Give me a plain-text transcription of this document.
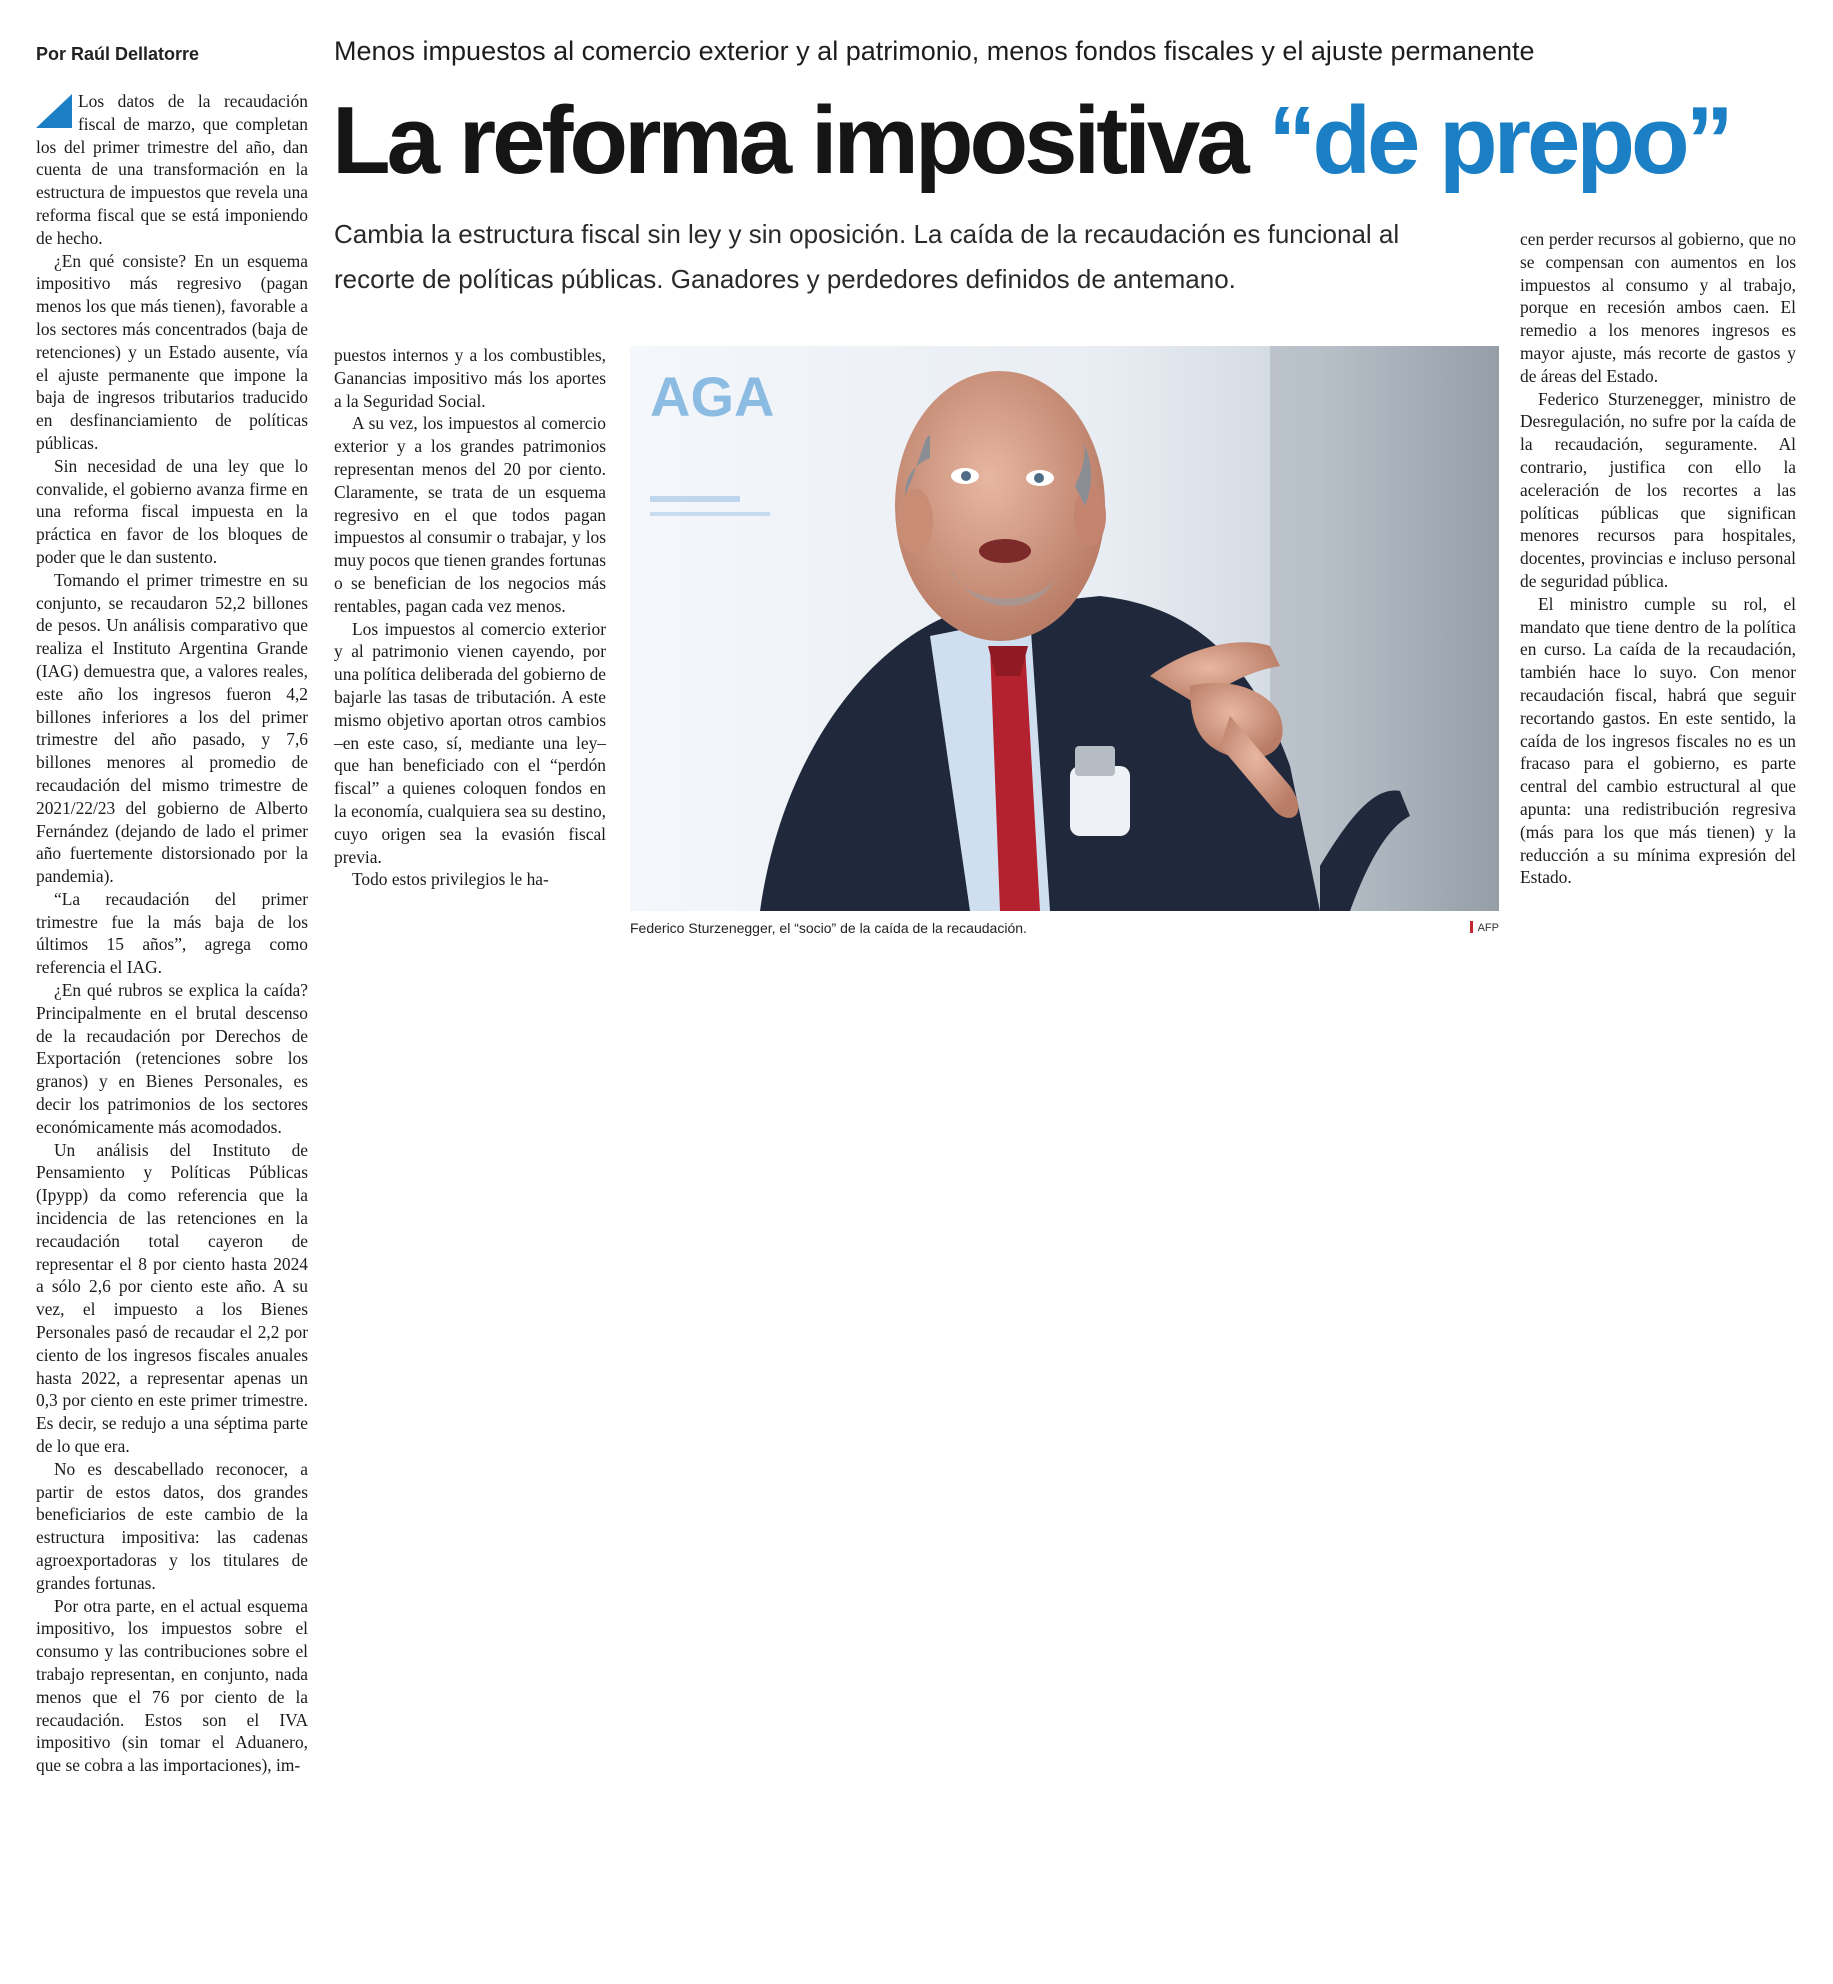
Por Raúl Dellatorre	Menos impuestos al comercio exterior y al patrimonio, menos fondos fiscales y el ajuste permanente
La reforma impositiva “de prepo”
Cambia la estructura fiscal sin ley y sin oposición. La caída de la recaudación es funcional al recorte de políticas públicas. Ganadores y perdedores definidos de antemano.

Los datos de la recaudación fiscal de marzo, que completan los del primer trimestre del año, dan cuenta de una transformación en la estructura de impuestos que revela una reforma fiscal que se está imponiendo de hecho.

¿En qué consiste? En un esquema impositivo más regresivo (pagan menos los que más tienen), favorable a los sectores más concentrados (baja de retenciones) y un Estado ausente, vía el ajuste permanente que impone la baja de ingresos tributarios traducido en desfinanciamiento de políticas públicas.

Sin necesidad de una ley que lo convalide, el gobierno avanza firme en una reforma fiscal impuesta en la práctica en favor de los bloques de poder que le dan sustento.

Tomando el primer trimestre en su conjunto, se recaudaron 52,2 billones de pesos. Un análisis comparativo que realiza el Instituto Argentina Grande (IAG) demuestra que, a valores reales, este año los ingresos fueron 4,2 billones inferiores a los del primer trimestre del año pasado, y 7,6 billones menores al promedio de recaudación del mismo trimestre de 2021/22/23 del gobierno de Alberto Fernández (dejando de lado el primer año fuertemente distorsionado por la pandemia).

“La recaudación del primer trimestre fue la más baja de los últimos 15 años”, agrega como referencia el IAG.

¿En qué rubros se explica la caída? Principalmente en el brutal descenso de la recaudación por Derechos de Exportación (retenciones sobre los granos) y en Bienes Personales, es decir los patrimonios de los sectores económicamente más acomodados.

Un análisis del Instituto de Pensamiento y Políticas Públicas (Ipypp) da como referencia que la incidencia de las retenciones en la recaudación total cayeron de representar el 8 por ciento hasta 2024 a sólo 2,6 por ciento este año. A su vez, el impuesto a los Bienes Personales pasó de recaudar el 2,2 por ciento de los ingresos fiscales anuales hasta 2022, a representar apenas un 0,3 por ciento en este primer trimestre. Es decir, se redujo a una séptima parte de lo que era.

No es descabellado reconocer, a partir de estos datos, dos grandes beneficiarios de este cambio de la estructura impositiva: las cadenas agroexportadoras y los titulares de grandes fortunas.

Por otra parte, en el actual esquema impositivo, los impuestos sobre el consumo y las contribuciones sobre el trabajo representan, en conjunto, nada menos que el 76 por ciento de la recaudación. Estos son el IVA impositivo (sin tomar el Aduanero, que se cobra a las importaciones), im-

puestos internos y a los combustibles, Ganancias impositivo más los aportes a la Seguridad Social.

A su vez, los impuestos al comercio exterior y a los grandes patrimonios representan menos del 20 por ciento. Claramente, se trata de un esquema regresivo en el que todos pagan impuestos al consumir o trabajar, y los muy pocos que tienen grandes fortunas o se benefician de los negocios más rentables, pagan cada vez menos.

Los impuestos al comercio exterior y al patrimonio vienen cayendo, por una política deliberada del gobierno de bajarle las tasas de tributación. A este mismo objetivo aportan otros cambios –en este caso, sí, mediante una ley– que han beneficiado con el “perdón fiscal” a quienes coloquen fondos en la economía, cualquiera sea su destino, cuyo origen sea la evasión fiscal previa.

Todo estos privilegios le ha-

AGA
Federico Sturzenegger, el “socio” de la caída de la recaudación.	AFP

cen perder recursos al gobierno, que no se compensan con aumentos en los impuestos al consumo y al trabajo, porque en recesión ambos caen. El remedio a los menores ingresos es mayor ajuste, más recorte de gastos y de áreas del Estado.

Federico Sturzenegger, ministro de Desregulación, no sufre por la caída de la recaudación, seguramente. Al contrario, justifica con ello la aceleración de los recortes a las políticas públicas que significan menores recursos para hospitales, docentes, provincias e incluso personal de seguridad pública.

El ministro cumple su rol, el mandato que tiene dentro de la política en curso. La caída de la recaudación, también hace lo suyo. Con menor recaudación fiscal, habrá que seguir recortando gastos. En este sentido, la caída de los ingresos fiscales no es un fracaso para el gobierno, es parte central del cambio estructural al que apunta: una redistribución regresiva (más para los que más tienen) y la reducción a su mínima expresión del Estado.
